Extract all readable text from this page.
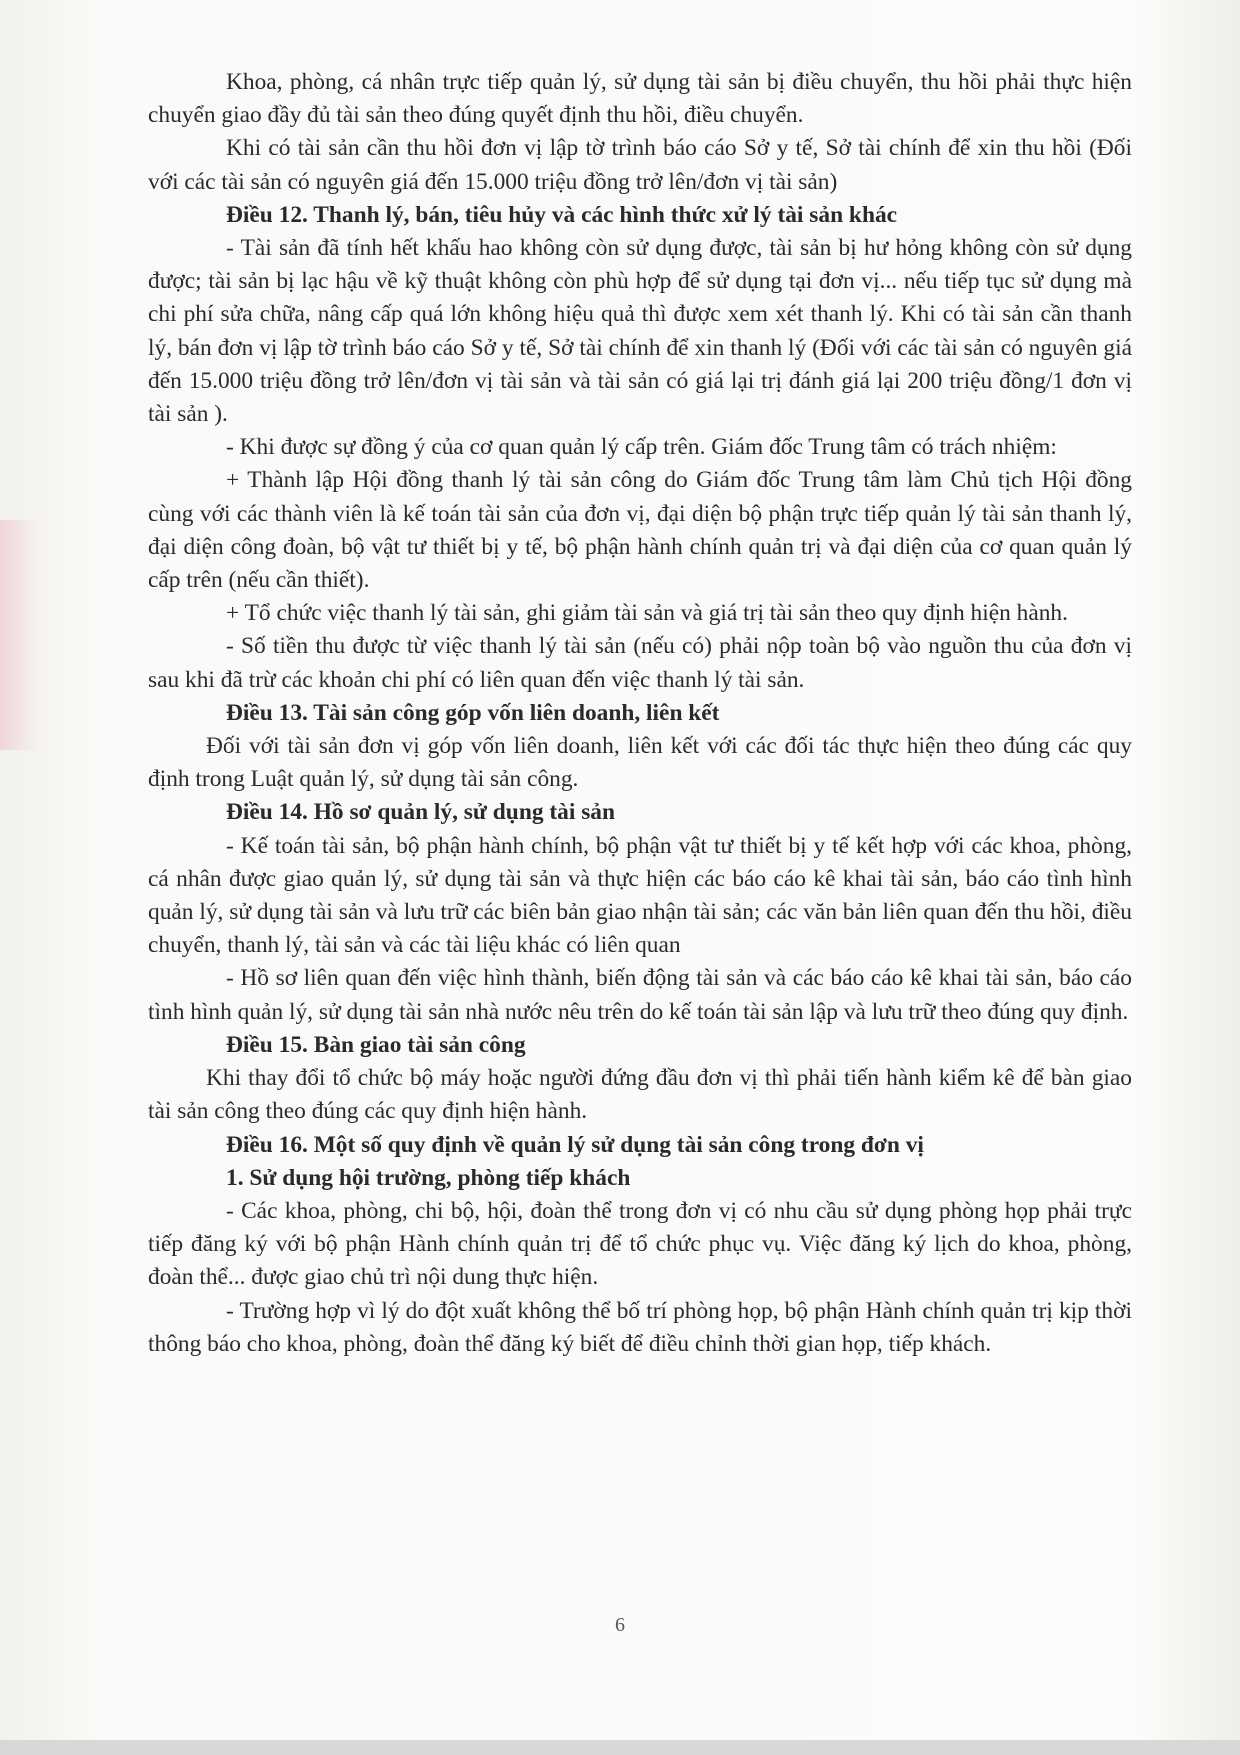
Khoa, phòng, cá nhân trực tiếp quản lý, sử dụng tài sản bị điều chuyển, thu hồi phải thực hiện chuyển giao đầy đủ tài sản theo đúng quyết định thu hồi, điều chuyển.

Khi có tài sản cần thu hồi đơn vị lập tờ trình báo cáo Sở y tế, Sở tài chính để xin thu hồi (Đối với các tài sản có nguyên giá đến 15.000 triệu đồng trở lên/đơn vị tài sản)

Điều 12. Thanh lý, bán, tiêu hủy và các hình thức xử lý tài sản khác

- Tài sản đã tính hết khấu hao không còn sử dụng được, tài sản bị hư hỏng không còn sử dụng được; tài sản bị lạc hậu về kỹ thuật không còn phù hợp để sử dụng tại đơn vị... nếu tiếp tục sử dụng mà chi phí sửa chữa, nâng cấp quá lớn không hiệu quả thì được xem xét thanh lý. Khi có tài sản cần thanh lý, bán đơn vị lập tờ trình báo cáo Sở y tế, Sở tài chính để xin thanh lý (Đối với các tài sản có nguyên giá đến 15.000 triệu đồng trở lên/đơn vị tài sản và tài sản có giá lại trị đánh giá lại 200 triệu đồng/1 đơn vị tài sản ).

- Khi được sự đồng ý của cơ quan quản lý cấp trên. Giám đốc Trung tâm có trách nhiệm:

+ Thành lập Hội đồng thanh lý tài sản công do Giám đốc Trung tâm làm Chủ tịch Hội đồng cùng với các thành viên là kế toán tài sản của đơn vị, đại diện bộ phận trực tiếp quản lý tài sản thanh lý, đại diện công đoàn, bộ vật tư thiết bị y tế, bộ phận hành chính quản trị và đại diện của cơ quan quản lý cấp trên (nếu cần thiết).

+ Tổ chức việc thanh lý tài sản, ghi giảm tài sản và giá trị tài sản theo quy định hiện hành.

- Số tiền thu được từ việc thanh lý tài sản (nếu có) phải nộp toàn bộ vào nguồn thu của đơn vị sau khi đã trừ các khoản chi phí có liên quan đến việc thanh lý tài sản.

Điều 13. Tài sản công góp vốn liên doanh, liên kết

Đối với tài sản đơn vị góp vốn liên doanh, liên kết với các đối tác thực hiện theo đúng các quy định trong Luật quản lý, sử dụng tài sản công.

Điều 14. Hồ sơ quản lý, sử dụng tài sản

- Kế toán tài sản, bộ phận hành chính, bộ phận vật tư thiết bị y tế kết hợp với các khoa, phòng, cá nhân được giao quản lý, sử dụng tài sản và thực hiện các báo cáo kê khai tài sản, báo cáo tình hình quản lý, sử dụng tài sản và lưu trữ các biên bản giao nhận tài sản; các văn bản liên quan đến thu hồi, điều chuyển, thanh lý, tài sản và các tài liệu khác có liên quan

- Hồ sơ liên quan đến việc hình thành, biến động tài sản và các báo cáo kê khai tài sản, báo cáo tình hình quản lý, sử dụng tài sản nhà nước nêu trên do kế toán tài sản lập và lưu trữ theo đúng quy định.

Điều 15. Bàn giao tài sản công

Khi thay đổi tổ chức bộ máy hoặc người đứng đầu đơn vị thì phải tiến hành kiểm kê để bàn giao tài sản công theo đúng các quy định hiện hành.

Điều 16. Một số quy định về quản lý sử dụng tài sản công trong đơn vị

1. Sử dụng hội trường, phòng tiếp khách

- Các khoa, phòng, chi bộ, hội, đoàn thể trong đơn vị có nhu cầu sử dụng phòng họp phải trực tiếp đăng ký với bộ phận Hành chính quản trị để tổ chức phục vụ. Việc đăng ký lịch do khoa, phòng, đoàn thể... được giao chủ trì nội dung thực hiện.

- Trường hợp vì lý do đột xuất không thể bố trí phòng họp, bộ phận Hành chính quản trị kịp thời thông báo cho khoa, phòng, đoàn thể đăng ký biết để điều chỉnh thời gian họp, tiếp khách.

6
